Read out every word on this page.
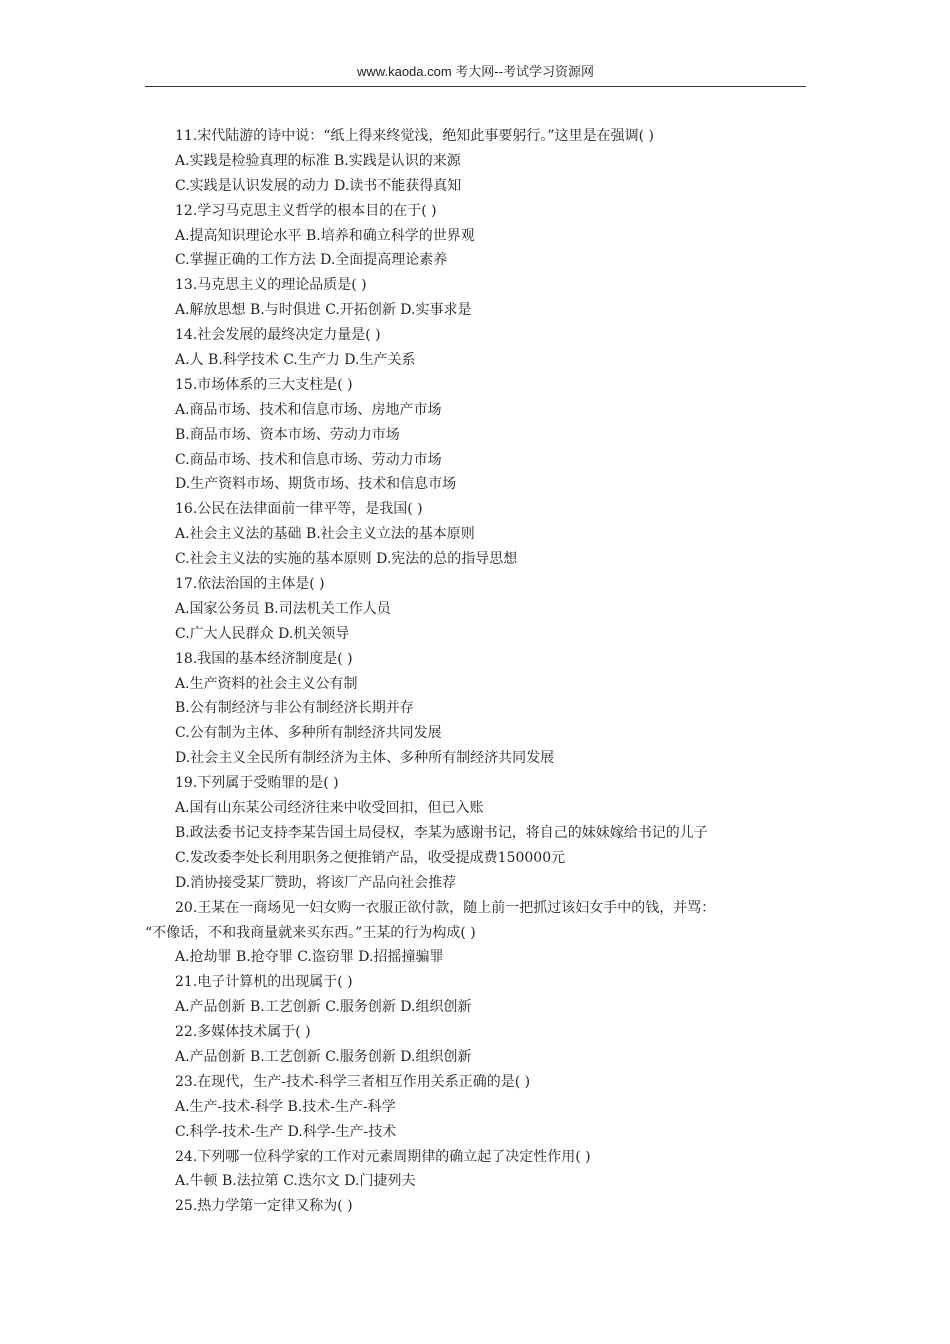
www.kaoda.com 考大网--考试学习资源网
11.宋代陆游的诗中说：“纸上得来终觉浅，绝知此事要躬行。”这里是在强调( )
A.实践是检验真理的标准 B.实践是认识的来源
C.实践是认识发展的动力 D.读书不能获得真知
12.学习马克思主义哲学的根本目的在于( )
A.提高知识理论水平 B.培养和确立科学的世界观
C.掌握正确的工作方法 D.全面提高理论素养
13.马克思主义的理论品质是( )
A.解放思想 B.与时俱进 C.开拓创新 D.实事求是
14.社会发展的最终决定力量是( )
A.人 B.科学技术 C.生产力 D.生产关系
15.市场体系的三大支柱是( )
A.商品市场、技术和信息市场、房地产市场
B.商品市场、资本市场、劳动力市场
C.商品市场、技术和信息市场、劳动力市场
D.生产资料市场、期货市场、技术和信息市场
16.公民在法律面前一律平等，是我国( )
A.社会主义法的基础 B.社会主义立法的基本原则
C.社会主义法的实施的基本原则 D.宪法的总的指导思想
17.依法治国的主体是( )
A.国家公务员 B.司法机关工作人员
C.广大人民群众 D.机关领导
18.我国的基本经济制度是( )
A.生产资料的社会主义公有制
B.公有制经济与非公有制经济长期并存
C.公有制为主体、多种所有制经济共同发展
D.社会主义全民所有制经济为主体、多种所有制经济共同发展
19.下列属于受贿罪的是( )
A.国有山东某公司经济往来中收受回扣，但已入账
B.政法委书记支持李某告国土局侵权，李某为感谢书记，将自己的妹妹嫁给书记的儿子
C.发改委李处长利用职务之便推销产品，收受提成费150000元
D.消协接受某厂赞助，将该厂产品向社会推荐
20.王某在一商场见一妇女购一衣服正欲付款，随上前一把抓过该妇女手中的钱，并骂：
“不像话，不和我商量就来买东西。”王某的行为构成( )
A.抢劫罪 B.抢夺罪 C.盗窃罪 D.招摇撞骗罪
21.电子计算机的出现属于( )
A.产品创新 B.工艺创新 C.服务创新 D.组织创新
22.多媒体技术属于( )
A.产品创新 B.工艺创新 C.服务创新 D.组织创新
23.在现代，生产-技术-科学三者相互作用关系正确的是( )
A.生产-技术-科学 B.技术-生产-科学
C.科学-技术-生产 D.科学-生产-技术
24.下列哪一位科学家的工作对元素周期律的确立起了决定性作用( )
A.牛顿 B.法拉第 C.迭尔文 D.门捷列夫
25.热力学第一定律又称为( )
